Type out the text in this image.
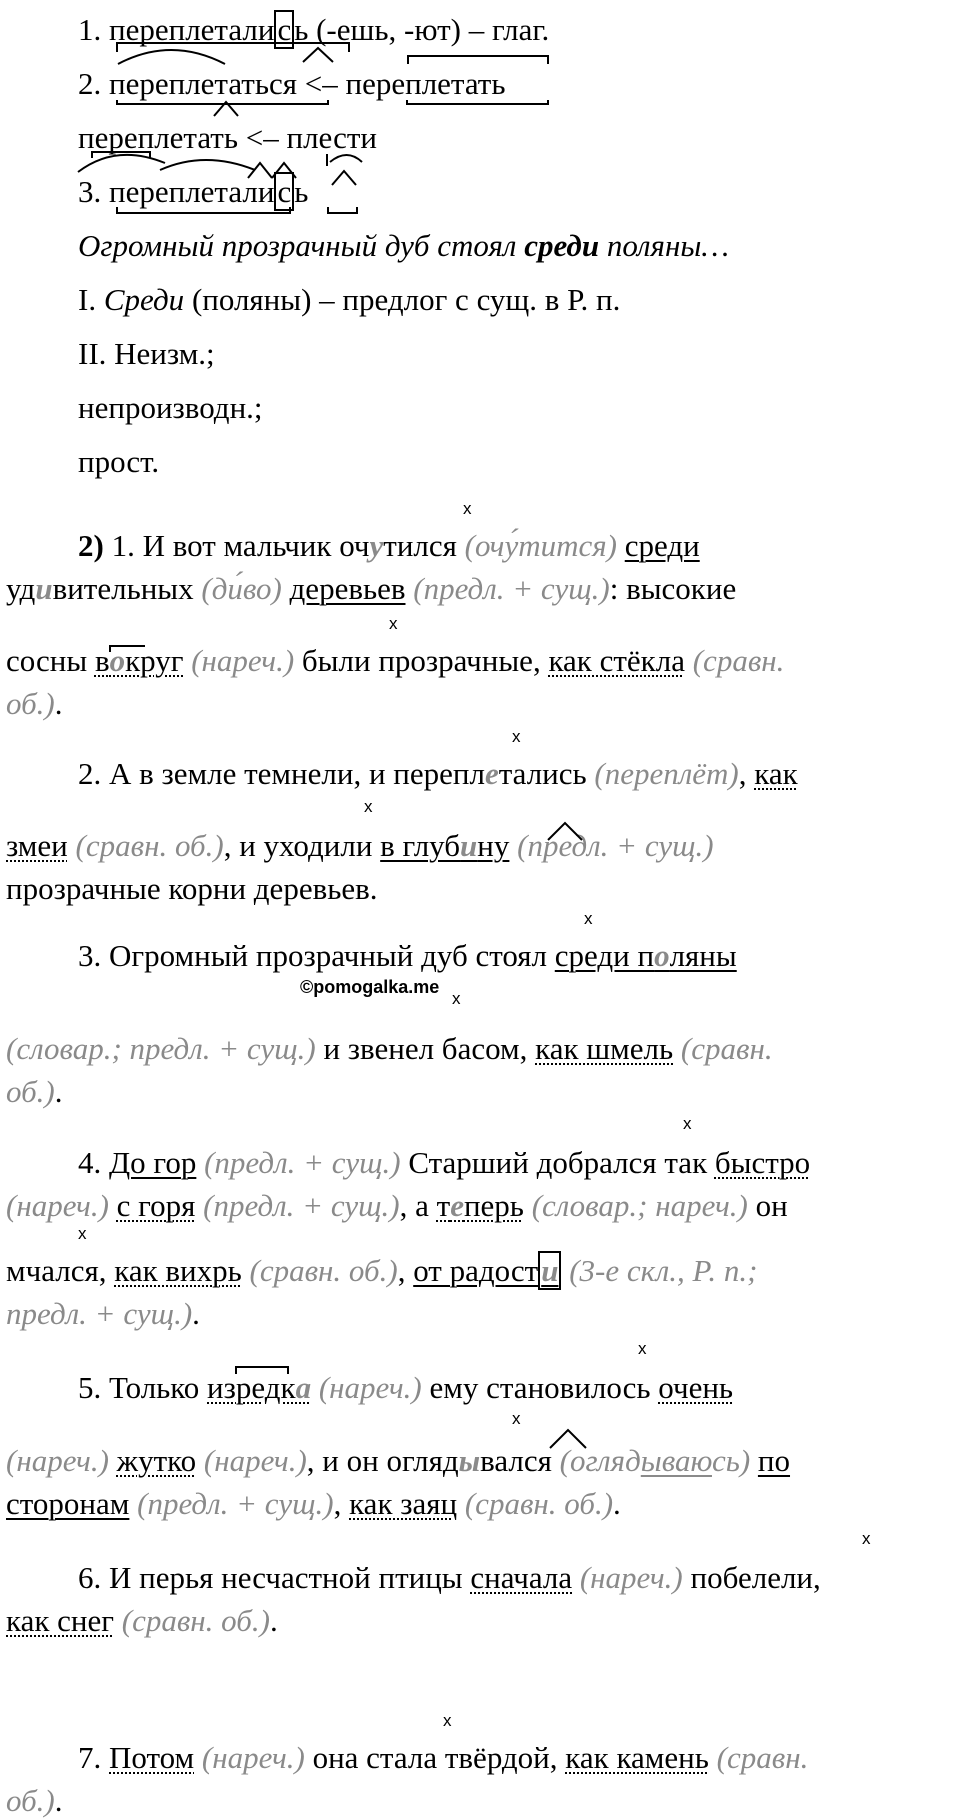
1. переплетались (-ешь, -ют) – глаг.
2. переплетаться <– переплетать
переплетать <– плести
3. переплетались
Огромный прозрачный дуб стоял среди поляны…
I. Среди (поляны) – предлог с сущ. в Р. п.
II. Неизм.;
непроизводн.;
прост.
x
2) 1. И вот мальчик очутился (очу́тится) среди
удивительных (ди́во) деревьев (предл. + сущ.): высокие
x
сосны вокруг (нареч.) были прозрачные, как стёкла (сравн.
об.).
x
2. А в земле темнели, и переплетались (переплёт), как
x
змеи (сравн. об.), и уходили в глубину (предл. + сущ.)
прозрачные корни деревьев.
x
3. Огромный прозрачный дуб стоял среди поляны
©pomogalka.me
x
(словар.; предл. + сущ.) и звенел басом, как шмель (сравн.
об.).
x
4. До гор (предл. + сущ.) Старший добрался так быстро
(нареч.) с горя (предл. + сущ.), а теперь (словар.; нареч.) он
x
мчался, как вихрь (сравн. об.), от радости (3-е скл., Р. п.;
предл. + сущ.).
x
5. Только изредка (нареч.) ему становилось очень
x
(нареч.) жутко (нареч.), и он оглядывался (оглядываюсь) по
сторонам (предл. + сущ.), как заяц (сравн. об.).
x
6. И перья несчастной птицы сначала (нареч.) побелели,
как снег (сравн. об.).
x
7. Потом (нареч.) она стала твёрдой, как камень (сравн.
об.).
